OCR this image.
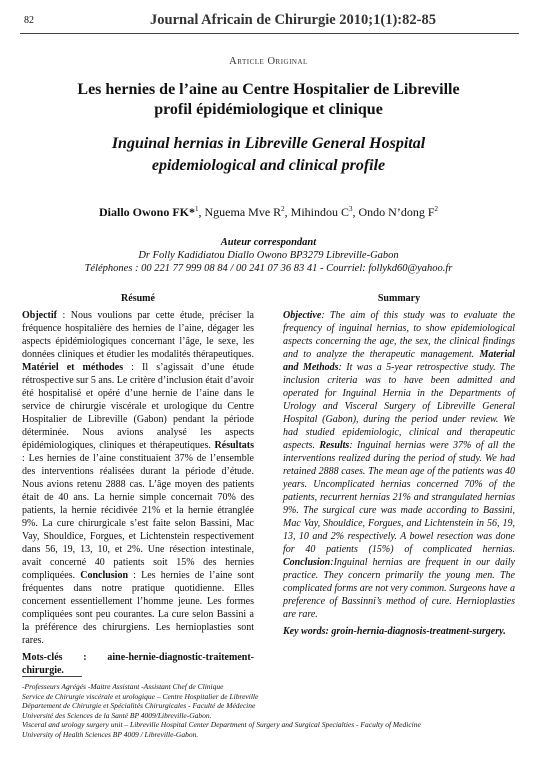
82	Journal Africain de Chirurgie 2010;1(1):82-85
Article Original
Les hernies de l’aine au Centre Hospitalier de Libreville
profil épidémiologique et clinique
Inguinal hernias in Libreville General Hospital
epidemiological and clinical profile
Diallo Owono FK*$^1$, Nguema Mve $R^2$, Mihindou $C^3$, Ondo N’dong $F^2$
Auteur correspondant
Dr Folly Kadidiatou Diallo Owono BP3279 Libreville-Gabon
Téléphones : 00 221 77 999 08 84 / 00 241 07 36 83 41 - Courriel: follykd60@yahoo.fr
Résumé

Objectif : Nous voulions par cette étude, préciser la fréquence hospitalière des hernies de l’aine, dégager les aspects épidémiologiques concernant l’âge, le sexe, les données cliniques et étudier les modalités thérapeutiques. Matériel et méthodes : Il s’agissait d’une étude rétrospective sur 5 ans. Le critère d’inclusion était d’avoir été hospitalisé et opéré d’une hernie de l’aine dans le service de chirurgie viscérale et urologique du Centre Hospitalier de Libreville (Gabon) pendant la période déterminée. Nous avions analysé les aspects épidémiologiques, cliniques et thérapeutiques. Résultats : Les hernies de l’aine constituaient 37% de l’ensemble des interventions réalisées durant la période d’étude. Nous avions retenu 2888 cas. L’âge moyen des patients était de 40 ans. La hernie simple concernait 70% des patients, la hernie récidivée 21% et la hernie étranglée 9%. La cure chirurgicale s’est faite selon Bassini, Mac Vay, Shouldice, Forgues, et Lichtenstein respectivement dans 56, 19, 13, 10, et 2%. Une résection intestinale, avait concerné 40 patients soit 15% des hernies compliquées. Conclusion : Les hernies de l’aine sont fréquentes dans notre pratique quotidienne. Elles concernent essentiellement l’homme jeune. Les formes compliquées sont peu courantes. La cure selon Bassini a la préférence des chirurgiens. Les hernioplasties sont rares.

Mots-clés : aine-hernie-diagnostic-traitement-chirurgie.
Summary

Objective: The aim of this study was to evaluate the frequency of inguinal hernias, to show epidemiological aspects concerning the age, the sex, the clinical findings and to analyze the therapeutic management. Material and Methods: It was a 5-year retrospective study. The inclusion criteria was to have been admitted and operated for Inguinal Hernia in the Departments of Urology and Visceral Surgery of Libreville General Hospital (Gabon), during the period under review. We had studied epidemiologic, clinical and therapeutic aspects. Results: Inguinal hernias were 37% of all the interventions realized during the period of study. We had retained 2888 cases. The mean age of the patients was 40 years. Uncomplicated hernias concerned 70% of the patients, recurrent hernias 21% and strangulated hernias 9%. The surgical cure was made according to Bassini, Mac Vay, Shouldice, Forgues, and Lichtenstein in 56, 19, 13, 10 and 2% respectively. A bowel resection was done for 40 patients (15%) of complicated hernias. Conclusion:Inguinal hernias are frequent in our daily practice. They concern primarily the young men. The complicated forms are not very common. Surgeons have a preference of Bassinni’s method of cure. Hernioplasties are rare.

Key words: groin-hernia-diagnosis-treatment-surgery.
-Professeurs Agrégés -Maitre Assistant -Assistant Chef de Clinique
Service de Chirurgie viscérale et urologique – Centre Hospitalier de Libreville
Département de Chirurgie et Spécialités Chirurgicales - Faculté de Médecine
Université des Sciences de la Santé BP 4009/Libreville-Gabon.
Visceral and urology surgery unit – Libreville Hospital Center Department of Surgery and Surgical Specialties - Faculty of Medicine
University of Health Sciences BP 4009 / Libreville-Gabon.
